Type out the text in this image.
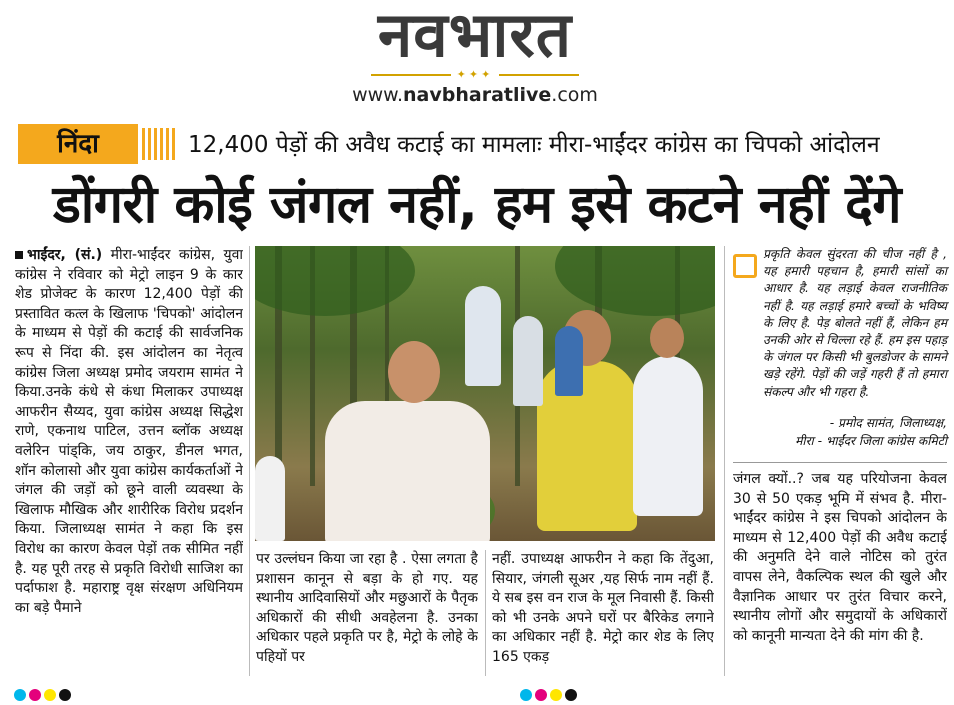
नवभारत
✦✦✦
www.navbharatlive.com
निंदा	12,400 पेड़ों की अवैध कटाई का मामलाः मीरा-भाईंदर कांग्रेस का चिपको आंदोलन
डोंगरी कोई जंगल नहीं, हम इसे कटने नहीं देंगे
भाईंदर, (सं.) मीरा-भाईंदर कांग्रेस, युवा कांग्रेस ने रविवार को मेट्रो लाइन 9 के कार शेड प्रोजेक्ट के कारण 12,400 पेड़ों की प्रस्तावित कत्ल के खिलाफ 'चिपको' आंदोलन के माध्यम से पेड़ों की कटाई की सार्वजनिक रूप से निंदा की. इस आंदोलन का नेतृत्व कांग्रेस जिला अध्यक्ष प्रमोद जयराम सामंत ने किया.उनके कंधे से कंधा मिलाकर उपाध्यक्ष आफरीन सैय्यद, युवा कांग्रेस अध्यक्ष सिद्धेश राणे, एकनाथ पाटिल, उत्तन ब्लॉक अध्यक्ष वलेरिन पांड्कि, जय ठाकुर, डीनल भगत, शॉन कोलासो और युवा कांग्रेस कार्यकर्ताओं ने जंगल की जड़ों को छूने वाली व्यवस्था के खिलाफ मौखिक और शारीरिक विरोध प्रदर्शन किया. जिलाध्यक्ष सामंत ने कहा कि इस विरोध का कारण केवल पेड़ों तक सीमित नहीं है. यह पूरी तरह से प्रकृति विरोधी साजिश का पर्दाफाश है. महाराष्ट्र वृक्ष संरक्षण अधिनियम का बड़े पैमाने
प्रकृति केवल सुंदरता की चीज नहीं है , यह हमारी पहचान है, हमारी सांसों का आधार है. यह लड़ाई केवल राजनीतिक नहीं है. यह लड़ाई हमारे बच्चों के भविष्य के लिए है. पेड़ बोलते नहीं हैं, लेकिन हम उनकी ओर से चिल्ला रहे हैं. हम इस पहाड़ के जंगल पर किसी भी बुलडोजर के सामने खड़े रहेंगे. पेड़ों की जड़ें गहरी हैं तो हमारा संकल्प और भी गहरा है.
- प्रमोद सामंत, जिलाध्यक्ष,
मीरा - भाईंदर जिला कांग्रेस कमिटी
पर उल्लंघन किया जा रहा है . ऐसा लगता है प्रशासन कानून से बड़ा के हो गए. यह स्थानीय आदिवासियों और मछुआरों के पैतृक अधिकारों की सीधी अवहेलना है. उनका अधिकार पहले प्रकृति पर है, मेट्रो के लोहे के पहियों पर
नहीं. उपाध्यक्ष आफरीन ने कहा कि तेंदुआ, सियार, जंगली सूअर ,यह सिर्फ नाम नहीं हैं. ये सब इस वन राज के मूल निवासी हैं. किसी को भी उनके अपने घरों पर बैरिकेड लगाने का अधिकार नहीं है. मेट्रो कार शेड के लिए 165 एकड़
जंगल क्यों..? जब यह परियोजना केवल 30 से 50 एकड़ भूमि में संभव है. मीरा-भाईंदर कांग्रेस ने इस चिपको आंदोलन के माध्यम से 12,400 पेड़ों की अवैध कटाई की अनुमति देने वाले नोटिस को तुरंत वापस लेने, वैकल्पिक स्थल की खुले और वैज्ञानिक आधार पर तुरंत विचार करने, स्थानीय लोगों और समुदायों के अधिकारों को कानूनी मान्यता देने की मांग की है.
